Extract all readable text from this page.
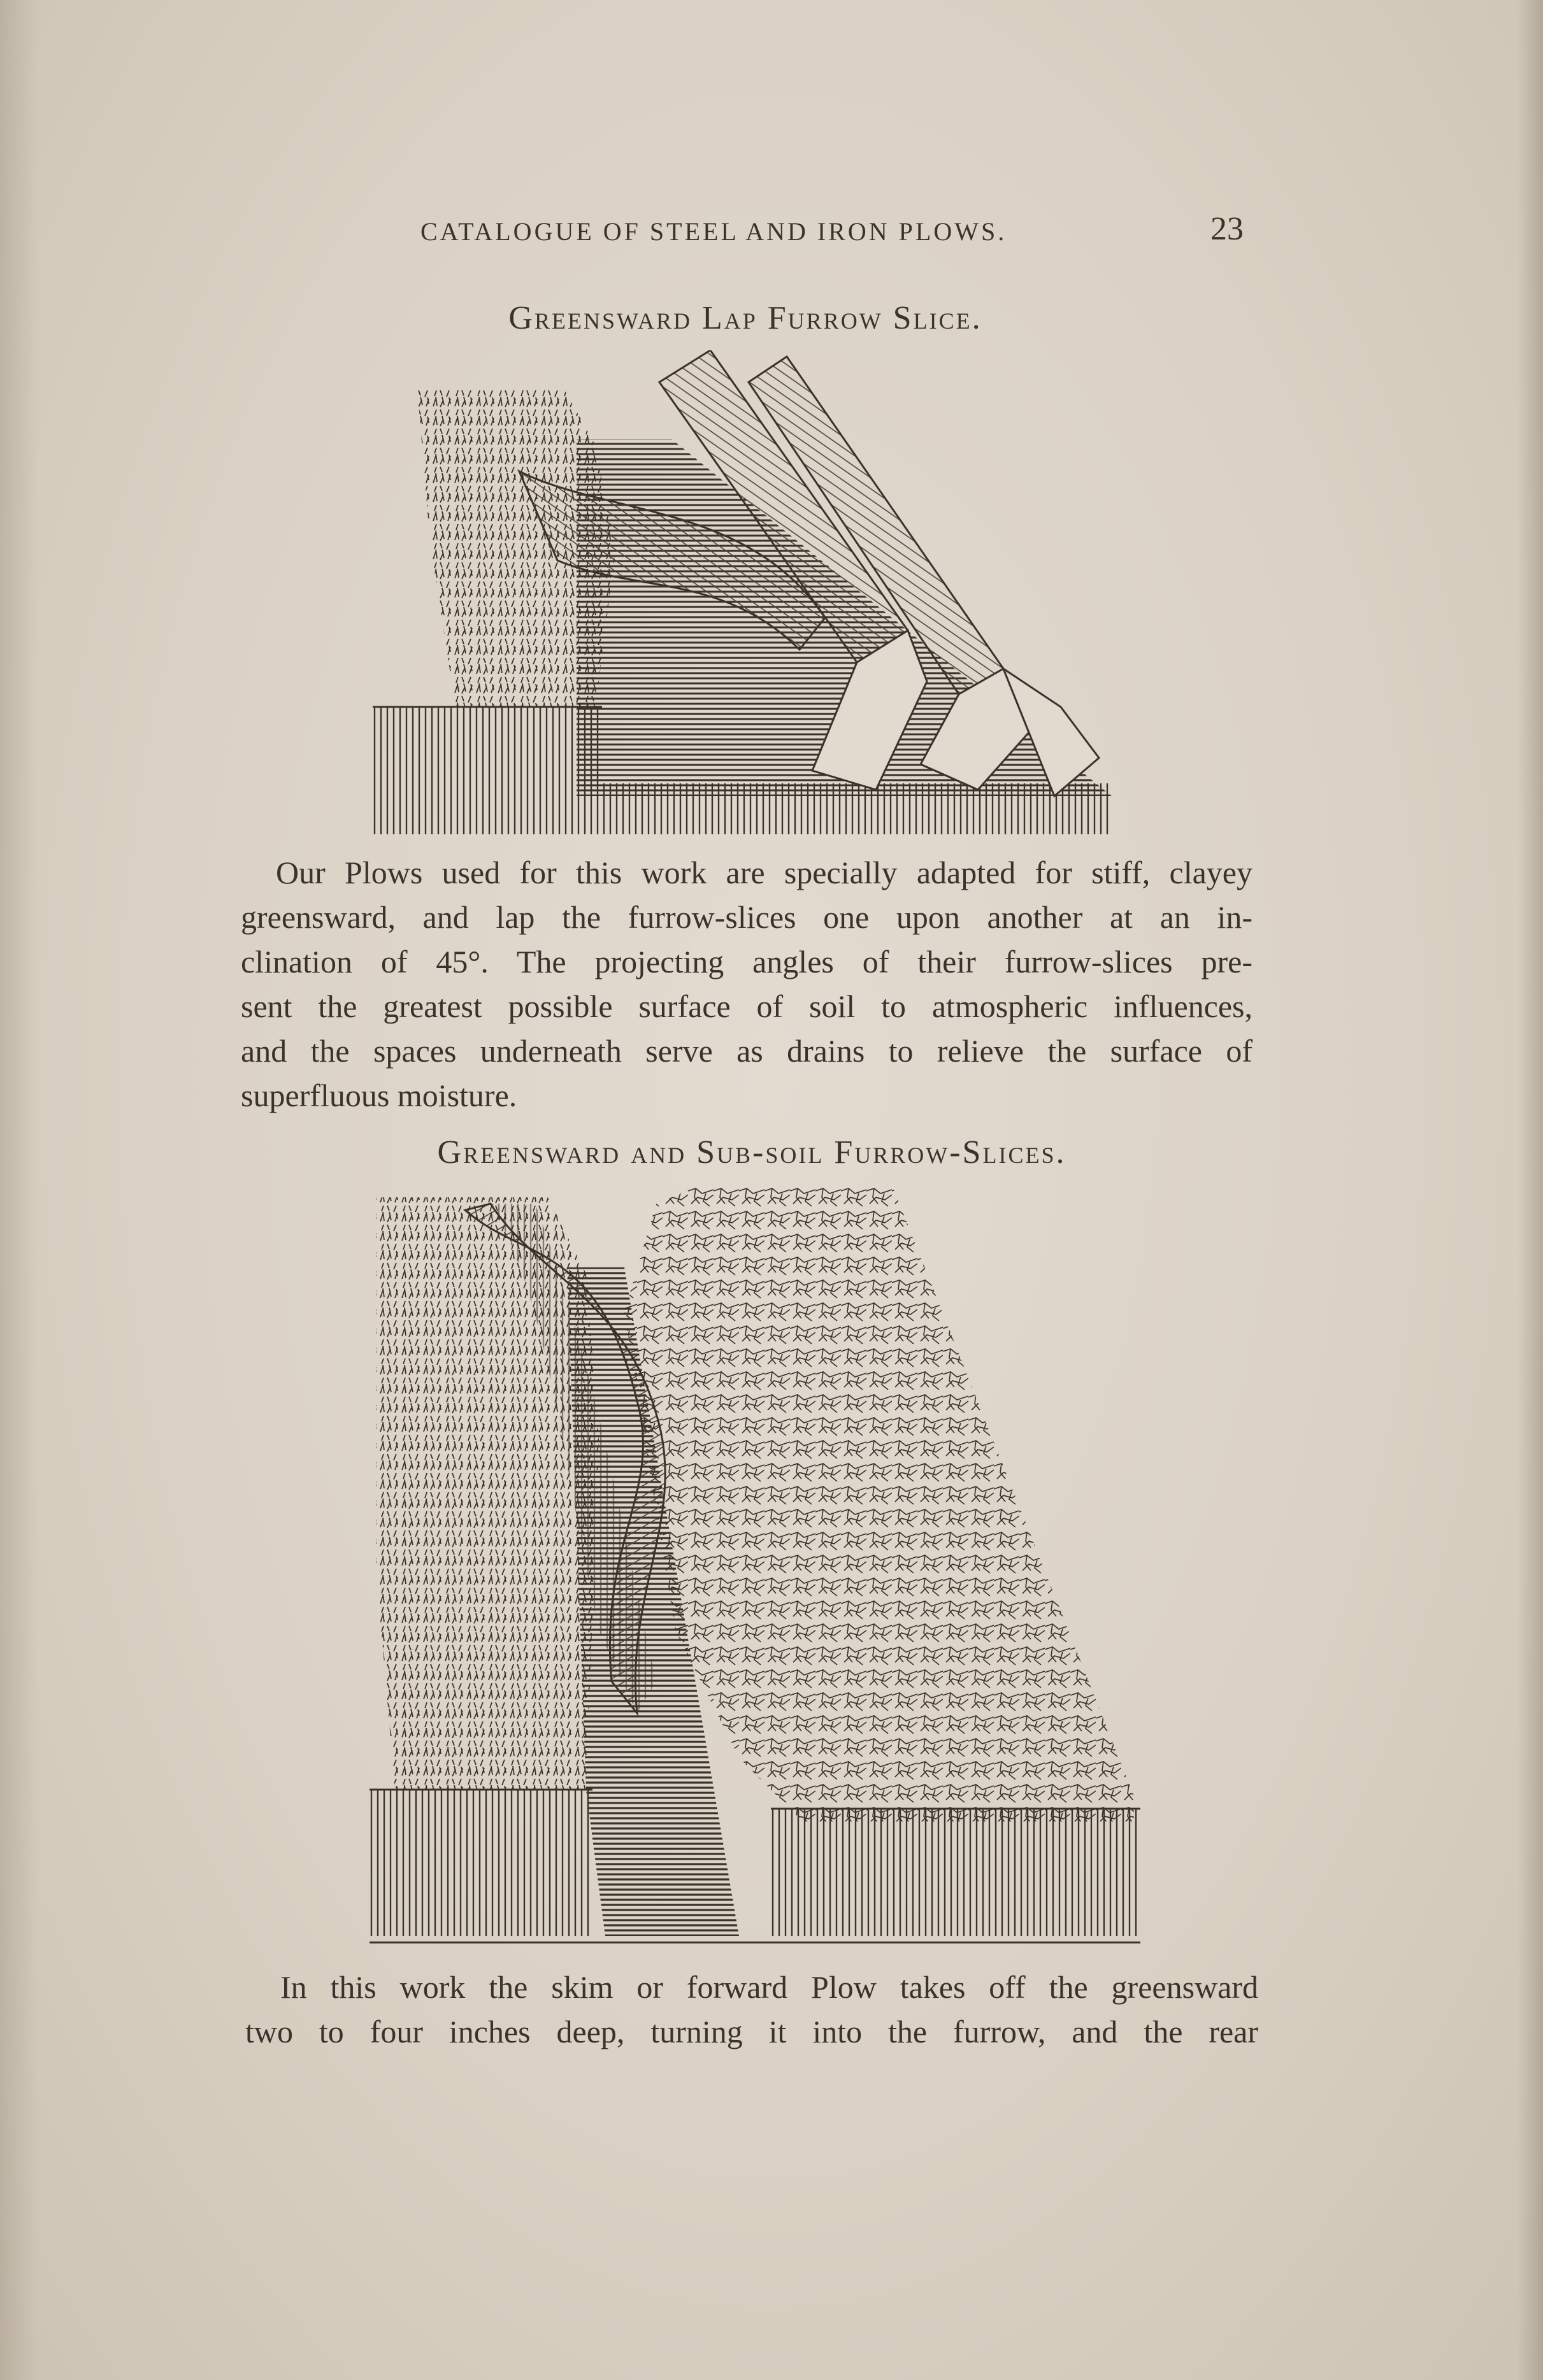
CATALOGUE OF STEEL AND IRON PLOWS.	23
Greensward Lap Furrow Slice.
Our Plows used for this work are specially adapted for stiff, clayey
greensward, and lap the furrow-slices one upon another at an in-
clination of 45°. The projecting angles of their furrow-slices pre-
sent the greatest possible surface of soil to atmospheric influences,
and the spaces underneath serve as drains to relieve the surface of
superfluous moisture.
Greensward and Sub-soil Furrow-Slices.
In this work the skim or forward Plow takes off the greensward
two to four inches deep, turning it into the furrow, and the rear
